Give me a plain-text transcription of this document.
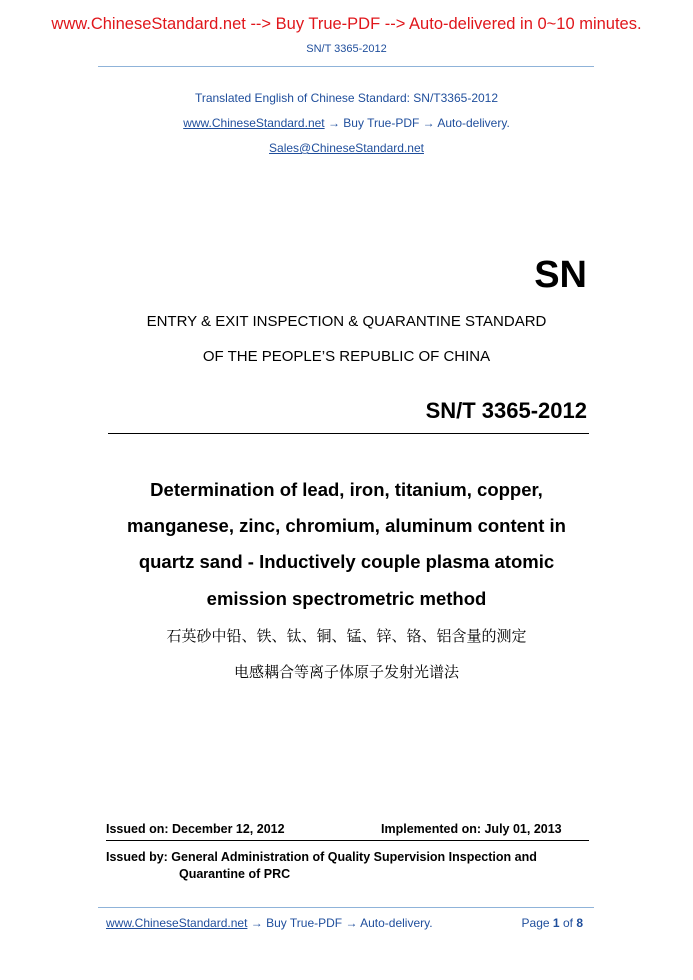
www.ChineseStandard.net --> Buy True-PDF --> Auto-delivered in 0~10 minutes.
SN/T 3365-2012
Translated English of Chinese Standard: SN/T3365-2012
www.ChineseStandard.net → Buy True-PDF → Auto-delivery.
Sales@ChineseStandard.net
SN
ENTRY & EXIT INSPECTION & QUARANTINE STANDARD
OF THE PEOPLE’S REPUBLIC OF CHINA
SN/T 3365-2012
Determination of lead, iron, titanium, copper,
manganese, zinc, chromium, aluminum content in
quartz sand - Inductively couple plasma atomic
emission spectrometric method
石英砂中铅、铁、钛、铜、锰、锌、铬、铝含量的测定
电感耦合等离子体原子发射光谱法
Issued on: December 12, 2012	Implemented on: July 01, 2013
Issued by: General Administration of Quality Supervision Inspection and
Quarantine of PRC
www.ChineseStandard.net → Buy True-PDF → Auto-delivery.	Page 1 of 8
